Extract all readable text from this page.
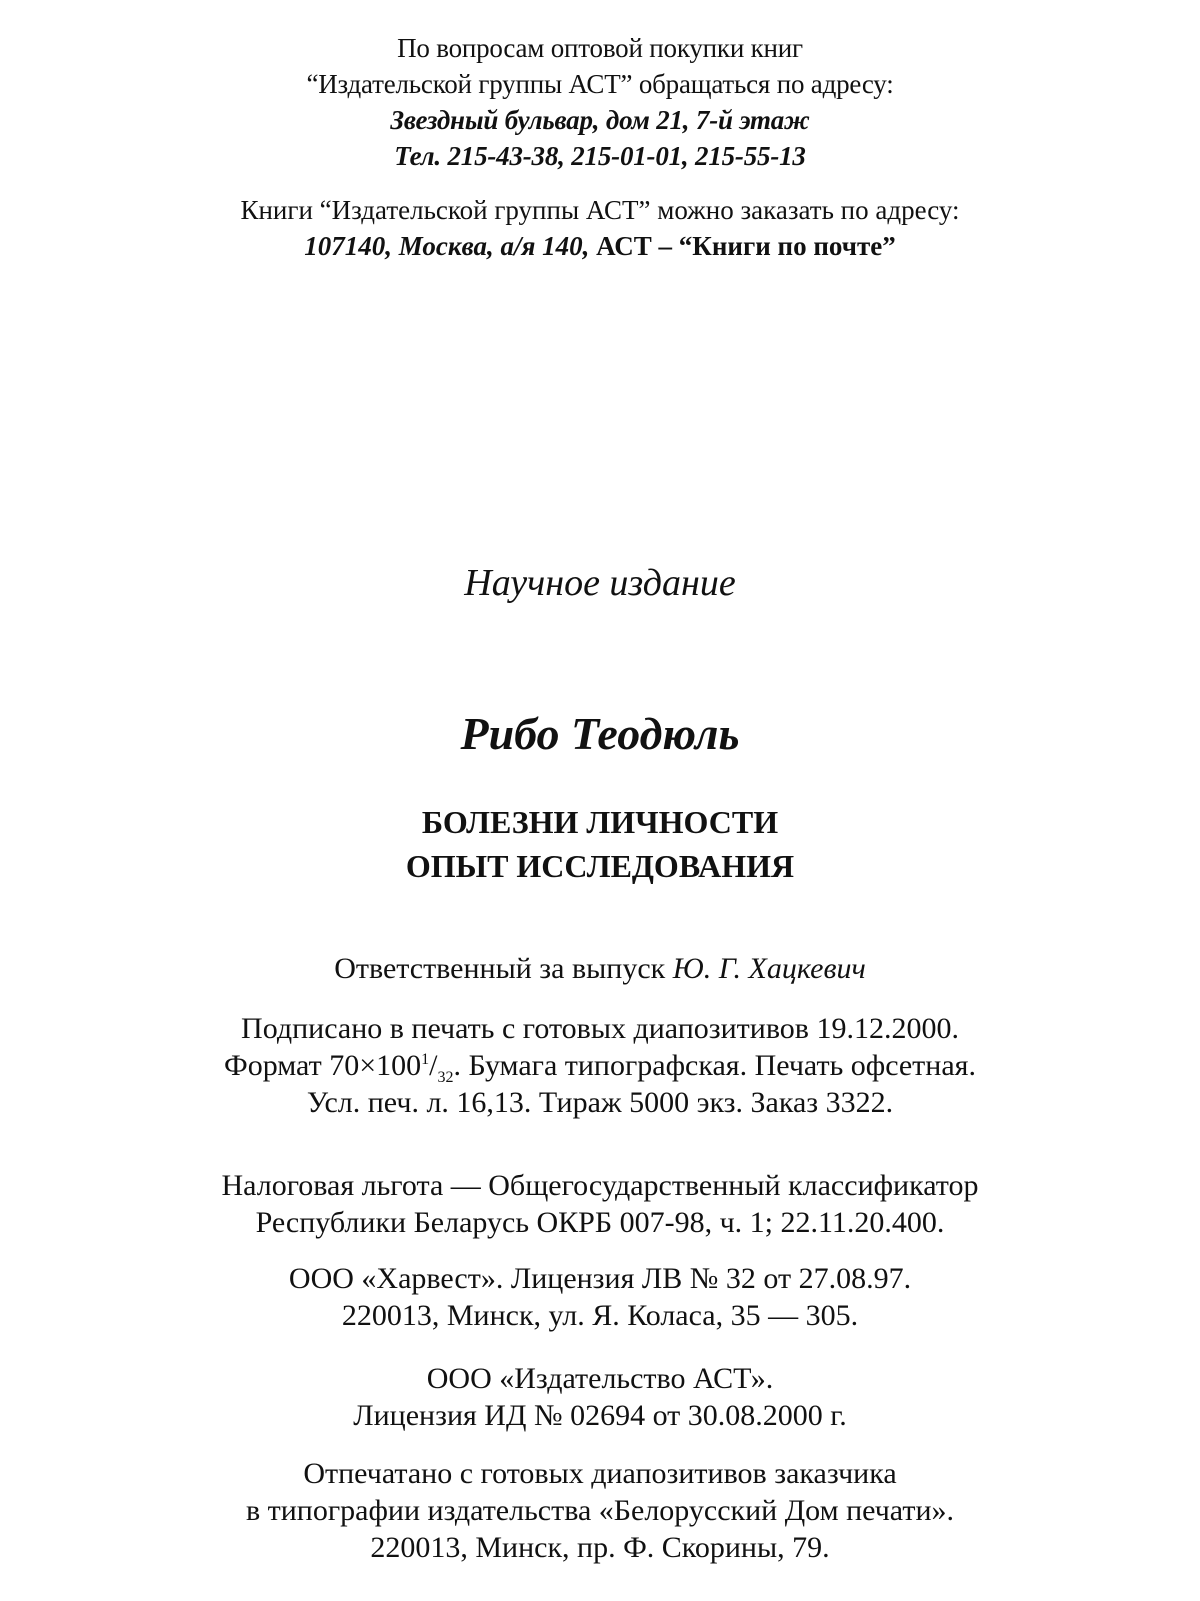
По вопросам оптовой покупки книг
“Издательской группы АСТ” обращаться по адресу:
Звездный бульвар, дом 21, 7-й этаж
Тел. 215-43-38, 215-01-01, 215-55-13
Книги “Издательской группы АСТ” можно заказать по адресу:
107140, Москва, а/я 140, АСТ – “Книги по почте”
Научное издание
Рибо Теодюль
БОЛЕЗНИ ЛИЧНОСТИ
ОПЫТ ИССЛЕДОВАНИЯ
Ответственный за выпуск Ю. Г. Хацкевич
Подписано в печать с готовых диапозитивов 19.12.2000.
Формат $70\times 100^1/_{32}$. Бумага типографская. Печать офсетная.
Усл. печ. л. 16,13. Тираж 5000 экз. Заказ 3322.
Налоговая льгота — Общегосударственный классификатор
Республики Беларусь ОКРБ 007-98, ч. 1; 22.11.20.400.
ООО «Харвест». Лицензия ЛВ № 32 от 27.08.97.
220013, Минск, ул. Я. Коласа, 35 — 305.
ООО «Издательство АСТ».
Лицензия ИД № 02694 от 30.08.2000 г.
Отпечатано с готовых диапозитивов заказчика
в типографии издательства «Белорусский Дом печати».
220013, Минск, пр. Ф. Скорины, 79.
